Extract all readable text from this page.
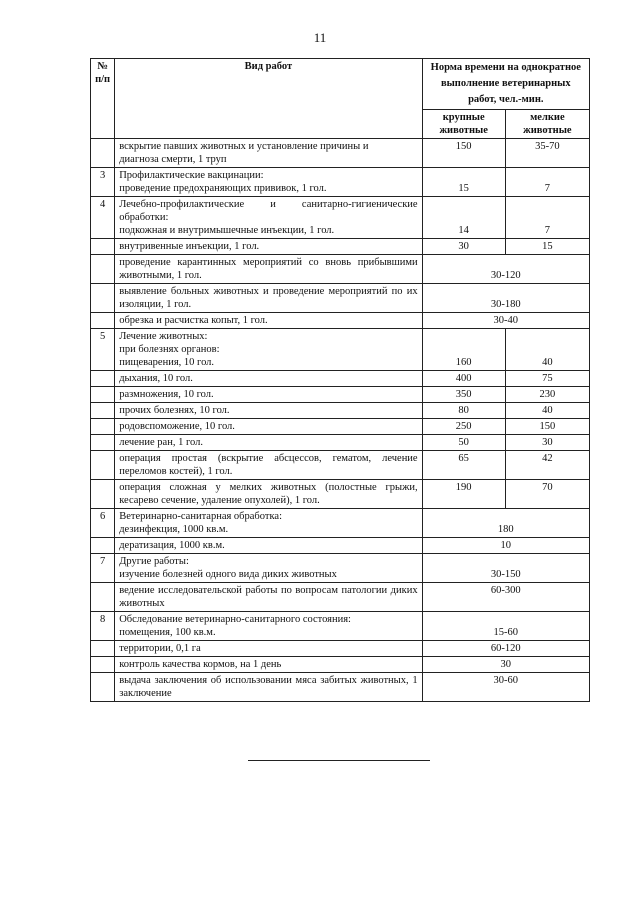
11
№
п/п	Вид работ	Норма времени на однократное выполнение ветеринарных работ, чел.-мин.	
		крупные животные	мелкие животные

	вскрытие павших животных и установление причины и
диагноза смерти, 1 труп	150	35-70
3	Профилактические вакцинации:
проведение предохраняющих прививок, 1 гол.	15	7
4	Лечебно-профилактические и санитарно-гигиенические обработки:
подкожная и внутримышечные инъекции, 1 гол.	14	7

	внутривенные инъекции, 1 гол.	30	15

	проведение карантинных мероприятий со вновь прибывшими животными, 1 гол.	30-120	

	выявление больных животных и проведение мероприятий по их изоляции, 1 гол.	30-180	

	обрезка и расчистка копыт, 1 гол.	30-40	
5	Лечение животных:
при болезнях органов:
пищеварения, 10 гол.	160	40

	дыхания, 10 гол.	400	75

	размножения, 10 гол.	350	230

	прочих болезнях, 10 гол.	80	40

	родовспоможение, 10 гол.	250	150

	лечение ран, 1 гол.	50	30

	операция простая (вскрытие абсцессов, гематом, лечение переломов костей), 1 гол.	65	42

	операция сложная у мелких животных (полостные грыжи, кесарево сечение, удаление опухолей), 1 гол.	190	70
6	Ветеринарно-санитарная обработка:
дезинфекция, 1000 кв.м.	180	

	дератизация, 1000 кв.м.	10	
7	Другие работы:
изучение болезней одного вида диких животных	30-150	

	ведение исследовательской работы по вопросам патологии диких животных	60-300	
8	Обследование ветеринарно-санитарного состояния:
помещения, 100 кв.м.	15-60	

	территории, 0,1 га	60-120	

	контроль качества кормов, на 1 день	30	

	выдача заключения об использовании мяса забитых животных, 1 заключение	30-60	
